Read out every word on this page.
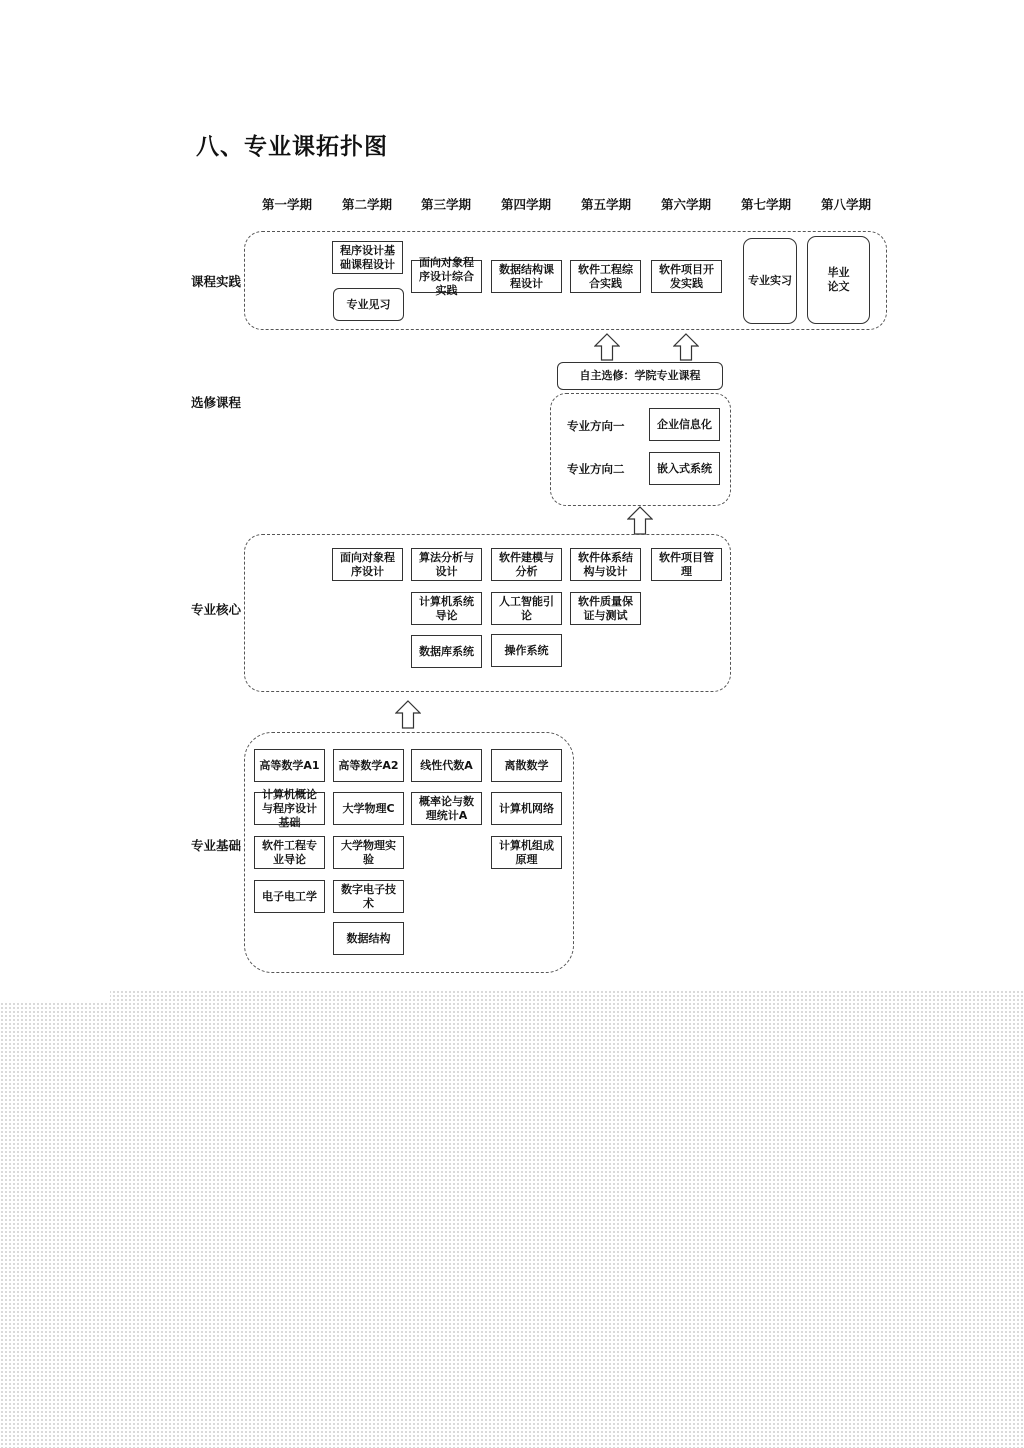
八、专业课拓扑图
第一学期	第二学期	第三学期	第四学期	第五学期	第六学期	第七学期	第八学期
课程实践
选修课程
专业核心
专业基础
程序设计基础课程设计
专业见习
面向对象程序设计综合实践
数据结构课程设计
软件工程综合实践
软件项目开发实践	专业实习
毕业论文
自主选修：学院专业课程
专业方向一	企业信息化
专业方向二	嵌入式系统
面向对象程序设计
算法分析与设计
计算机系统导论
数据库系统
软件建模与分析
人工智能引论
操作系统
软件体系结构与设计
软件质量保证与测试
软件项目管理
高等数学A1
计算机概论与程序设计基础
软件工程专业导论
电子电工学
高等数学A2
大学物理C
大学物理实验
数字电子技术
数据结构
线性代数A
概率论与数理统计A
离散数学
计算机网络
计算机组成原理
